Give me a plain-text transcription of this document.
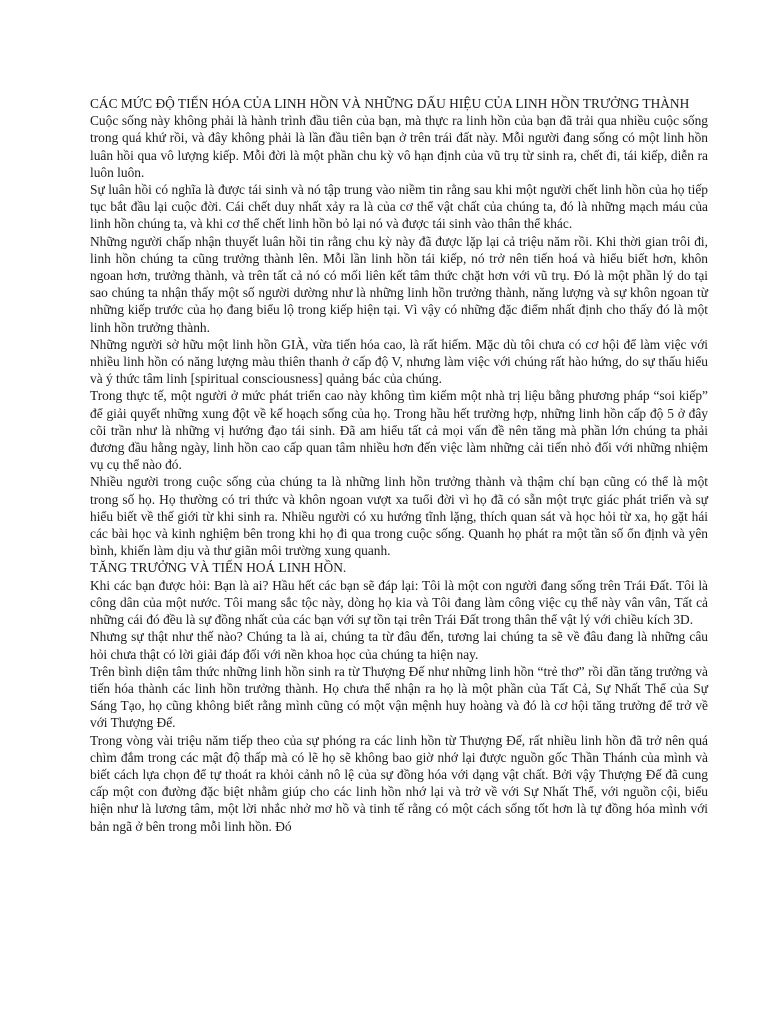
CÁC MỨC ĐỘ TIẾN HÓA CỦA LINH HỒN VÀ NHỮNG DẤU HIỆU CỦA LINH HỒN TRƯỞNG THÀNH

Cuộc sống này không phải là hành trình đầu tiên của bạn, mà thực ra linh hồn của bạn đã trải qua nhiều cuộc sống trong quá khứ rồi, và đây không phải là lần đầu tiên bạn ở trên trái đất này. Mỗi người đang sống có một linh hồn luân hồi qua vô lượng kiếp. Mỗi đời là một phần chu kỳ vô hạn định của vũ trụ từ sinh ra, chết đi, tái kiếp, diễn ra luôn luôn.

Sự luân hồi có nghĩa là được tái sinh và nó tập trung vào niềm tin rằng sau khi một người chết linh hồn của họ tiếp tục bắt đầu lại cuộc đời. Cái chết duy nhất xảy ra là của cơ thể vật chất của chúng ta, đó là những mạch máu của linh hồn chúng ta, và khi cơ thể chết linh hồn bỏ lại nó và được tái sinh vào thân thể khác.

Những người chấp nhận thuyết luân hồi tin rằng chu kỳ này đã được lặp lại cả triệu năm rồi. Khi thời gian trôi đi, linh hồn chúng ta cũng trưởng thành lên. Mỗi lần linh hồn tái kiếp, nó trở nên tiến hoá và hiểu biết hơn, khôn ngoan hơn, trưởng thành, và trên tất cả nó có mối liên kết tâm thức chặt hơn với vũ trụ. Đó là một phần lý do tại sao chúng ta nhận thấy một số người dường như là những linh hồn trưởng thành, năng lượng và sự khôn ngoan từ những kiếp trước của họ đang biểu lộ trong kiếp hiện tại. Vì vậy có những đặc điểm nhất định cho thấy đó là một linh hồn trưởng thành.

Những người sở hữu một linh hồn GIÀ, vừa tiến hóa cao, là rất hiếm. Mặc dù tôi chưa có cơ hội để làm việc với nhiều linh hồn có năng lượng màu thiên thanh ở cấp độ V, nhưng làm việc với chúng rất hào hứng, do sự thấu hiểu và ý thức tâm linh [spiritual consciousness] quảng bác của chúng.

Trong thực tế, một người ở mức phát triển cao này không tìm kiếm một nhà trị liệu bằng phương pháp “soi kiếp” để giải quyết những xung đột về kế hoạch sống của họ. Trong hầu hết trường hợp, những linh hồn cấp độ 5 ở đây cõi trần như là những vị hướng đạo tái sinh. Đã am hiểu tất cả mọi vấn đề nên tăng mà phần lớn chúng ta phải đương đầu hằng ngày, linh hồn cao cấp quan tâm nhiều hơn đến việc làm những cải tiến nhỏ đối với những nhiệm vụ cụ thể nào đó.

Nhiều người trong cuộc sống của chúng ta là những linh hồn trưởng thành và thậm chí bạn cũng có thể là một trong số họ. Họ thường có tri thức và khôn ngoan vượt xa tuổi đời vì họ đã có sẵn một trực giác phát triển và sự hiểu biết về thế giới từ khi sinh ra. Nhiều người có xu hướng tĩnh lặng, thích quan sát và học hỏi từ xa, họ gặt hái các bài học và kinh nghiệm bên trong khi họ đi qua trong cuộc sống. Quanh họ phát ra một tần số ổn định và yên bình, khiến làm dịu và thư giãn môi trường xung quanh.

TĂNG TRƯỞNG VÀ TIẾN HOÁ LINH HỒN.

Khi các bạn được hỏi: Bạn là ai? Hầu hết các bạn sẽ đáp lại: Tôi là một con người đang sống trên Trái Đất. Tôi là công dân của một nước. Tôi mang sắc tộc này, dòng họ kia và Tôi đang làm công việc cụ thể này vân vân, Tất cả những cái đó đều là sự đồng nhất của các bạn với sự tồn tại trên Trái Đất trong thân thể vật lý với chiều kích 3D.

Nhưng sự thật như thế nào? Chúng ta là ai, chúng ta từ đâu đến, tương lai chúng ta sẽ về đâu đang là những câu hỏi chưa thật có lời giải đáp đối với nền khoa học của chúng ta hiện nay.

Trên bình diện tâm thức những linh hồn sinh ra từ Thượng Đế như những linh hồn “trẻ thơ” rồi dần tăng trưởng và tiến hóa thành các linh hồn trưởng thành. Họ chưa thể nhận ra họ là một phần của Tất Cả, Sự Nhất Thể của Sự Sáng Tạo, họ cũng không biết rằng mình cũng có một vận mệnh huy hoàng và đó là cơ hội tăng trưởng để trở về với Thượng Đế.

Trong vòng vài triệu năm tiếp theo của sự phóng ra các linh hồn từ Thượng Đế, rất nhiều linh hồn đã trở nên quá chìm đắm trong các mật độ thấp mà có lẽ họ sẽ không bao giờ nhớ lại được nguồn gốc Thần Thánh của mình và biết cách lựa chọn để tự thoát ra khỏi cảnh nô lệ của sự đồng hóa với dạng vật chất. Bởi vậy Thượng Đế đã cung cấp một con đường đặc biệt nhằm giúp cho các linh hồn nhớ lại và trở về với Sự Nhất Thể, với nguồn cội, biểu hiện như là lương tâm, một lời nhắc nhở mơ hồ và tinh tế rằng có một cách sống tốt hơn là tự đồng hóa mình với bản ngã ở bên trong mỗi linh hồn. Đó
